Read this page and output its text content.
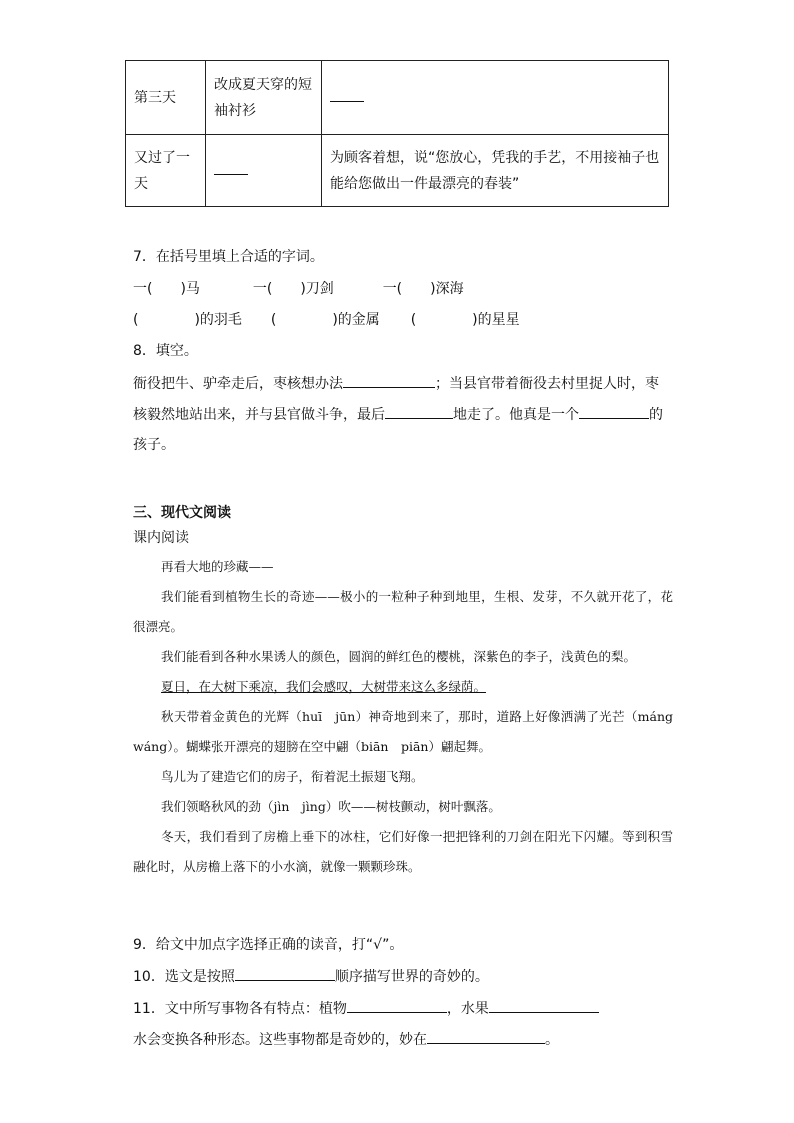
第三天	改成夏天穿的短袖衬衫	
又过了一天		为顾客着想，说“您放心，凭我的手艺，不用接袖子也能给您做出一件最漂亮的春装”
7．在括号里填上合适的字词。
一( )马	一( )刀剑	一( )深海
(	)的羽毛 (	)的金属 (	)的星星
8．填空。
衙役把牛、驴牵走后，枣核想办法	；当县官带着衙役去村里捉人时，枣
核毅然地站出来，并与县官做斗争，最后	地走了。他真是一个	的
孩子。
三、现代文阅读
课内阅读

再看大地的珍藏——

我们能看到植物生长的奇迹——极小的一粒种子种到地里，生根、发芽，不久就开花了，花很漂亮。

我们能看到各种水果诱人的颜色，圆润的鲜红色的樱桃，深紫色的李子，浅黄色的梨。

夏日，在大树下乘凉，我们会感叹，大树带来这么多绿荫。

秋天带着金黄色的光辉（huī　jūn）神奇地到来了，那时，道路上好像洒满了光芒（máng　wáng）。蝴蝶张开漂亮的翅膀在空中翩（biān　piān）翩起舞。

鸟儿为了建造它们的房子，衔着泥土振翅飞翔。

我们领略秋风的劲（jìn　jìng）吹——树枝颤动，树叶飘落。

冬天，我们看到了房檐上垂下的冰柱，它们好像一把把锋利的刀剑在阳光下闪耀。等到积雪融化时，从房檐上落下的小水滴，就像一颗颗珍珠。

9．给文中加点字选择正确的读音，打“√”。
10．选文是按照	顺序描写世界的奇妙的。
11．文中所写事物各有特点：植物	，水果
水会变换各种形态。这些事物都是奇妙的，妙在	。
